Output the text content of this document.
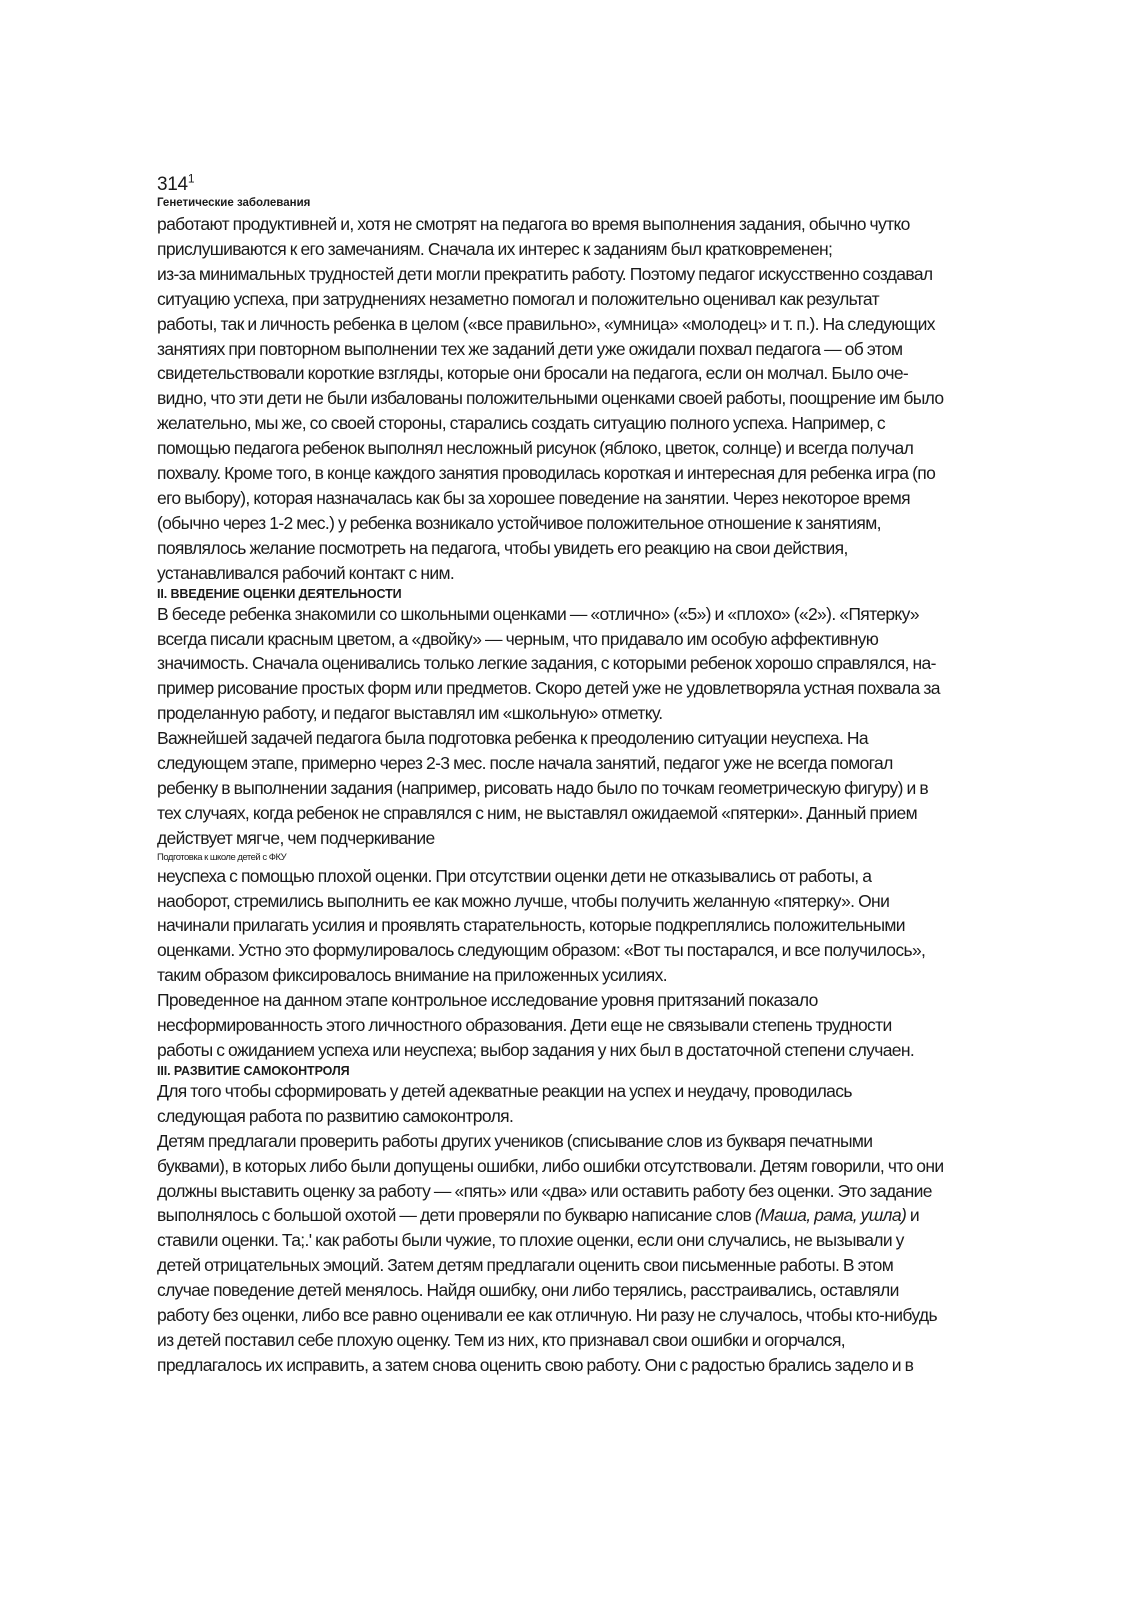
$314^1$
Генетические заболевания

работают продуктивней и, хотя не смотрят на педагога во время выполнения задания, обычно чутко
прислушиваются к его замечаниям. Сначала их интерес к заданиям был кратковременен;

из-за минимальных трудностей дети могли прекратить работу. Поэтому педагог искусственно создавал
ситуацию успеха, при затруднениях незаметно помогал и положительно оценивал как результат
работы, так и личность ребенка в целом («все правильно», «умница» «молодец» и т. п.). На следующих
занятиях при повторном выполнении тех же заданий дети уже ожидали похвал педагога — об этом
свидетельствовали короткие взгляды, которые они бросали на педагога, если он молчал. Было оче-
видно, что эти дети не были избалованы положительными оценками своей работы, поощрение им было
желательно, мы же, со своей стороны, старались создать ситуацию полного успеха. Например, с
помощью педагога ребенок выполнял несложный рисунок (яблоко, цветок, солнце) и всегда получал
похвалу. Кроме того, в конце каждого занятия проводилась короткая и интересная для ребенка игра (по
его выбору), которая назначалась как бы за хорошее поведение на занятии. Через некоторое время
(обычно через 1-2 мес.) у ребенка возникало устойчивое положительное отношение к занятиям,
появлялось желание посмотреть на педагога, чтобы увидеть его реакцию на свои действия,
устанавливался рабочий контакт с ним.

II. ВВЕДЕНИЕ ОЦЕНКИ ДЕЯТЕЛЬНОСТИ

В беседе ребенка знакомили со школьными оценками — «отлично» («5») и «плохо» («2»). «Пятерку»
всегда писали красным цветом, а «двойку» — черным, что придавало им особую аффективную
значимость. Сначала оценивались только легкие задания, с которыми ребенок хорошо справлялся, на-
пример рисование простых форм или предметов. Скоро детей уже не удовлетворяла устная похвала за
проделанную работу, и педагог выставлял им «школьную» отметку.

Важнейшей задачей педагога была подготовка ребенка к преодолению ситуации неуспеха. На
следующем этапе, примерно через 2-3 мес. после начала занятий, педагог уже не всегда помогал
ребенку в выполнении задания (например, рисовать надо было по точкам геометрическую фигуру) и в
тех случаях, когда ребенок не справлялся с ним, не выставлял ожидаемой «пятерки». Данный прием
действует мягче, чем подчеркивание

Подготовка к школе детей с ФКУ

неуспеха с помощью плохой оценки. При отсутствии оценки дети не отказывались от работы, а
наоборот, стремились выполнить ее как можно лучше, чтобы получить желанную «пятерку». Они
начинали прилагать усилия и проявлять старательность, которые подкреплялись положительными
оценками. Устно это формулировалось следующим образом: «Вот ты постарался, и все получилось»,
таким образом фиксировалось внимание на приложенных усилиях.

Проведенное на данном этапе контрольное исследование уровня притязаний показало
несформированность этого личностного образования. Дети еще не связывали степень трудности
работы с ожиданием успеха или неуспеха; выбор задания у них был в достаточной степени случаен.

III. РАЗВИТИЕ САМОКОНТРОЛЯ

Для того чтобы сформировать у детей адекватные реакции на успех и неудачу, проводилась
следующая работа по развитию самоконтроля.

Детям предлагали проверить работы других учеников (списывание слов из букваря печатными
буквами), в которых либо были допущены ошибки, либо ошибки отсутствовали. Детям говорили, что они
должны выставить оценку за работу — «пять» или «два» или оставить работу без оценки. Это задание
выполнялось с большой охотой — дети проверяли по букварю написание слов (Маша, рама, ушла) и
ставили оценки. Та;.' как работы были чужие, то плохие оценки, если они случались, не вызывали у
детей отрицательных эмоций. Затем детям предлагали оценить свои письменные работы. В этом
случае поведение детей менялось. Найдя ошибку, они либо терялись, расстраивались, оставляли
работу без оценки, либо все равно оценивали ее как отличную. Ни разу не случалось, чтобы кто-нибудь
из детей поставил себе плохую оценку. Тем из них, кто признавал свои ошибки и огорчался,
предлагалось их исправить, а затем снова оценить свою работу. Они с радостью брались задело и в
